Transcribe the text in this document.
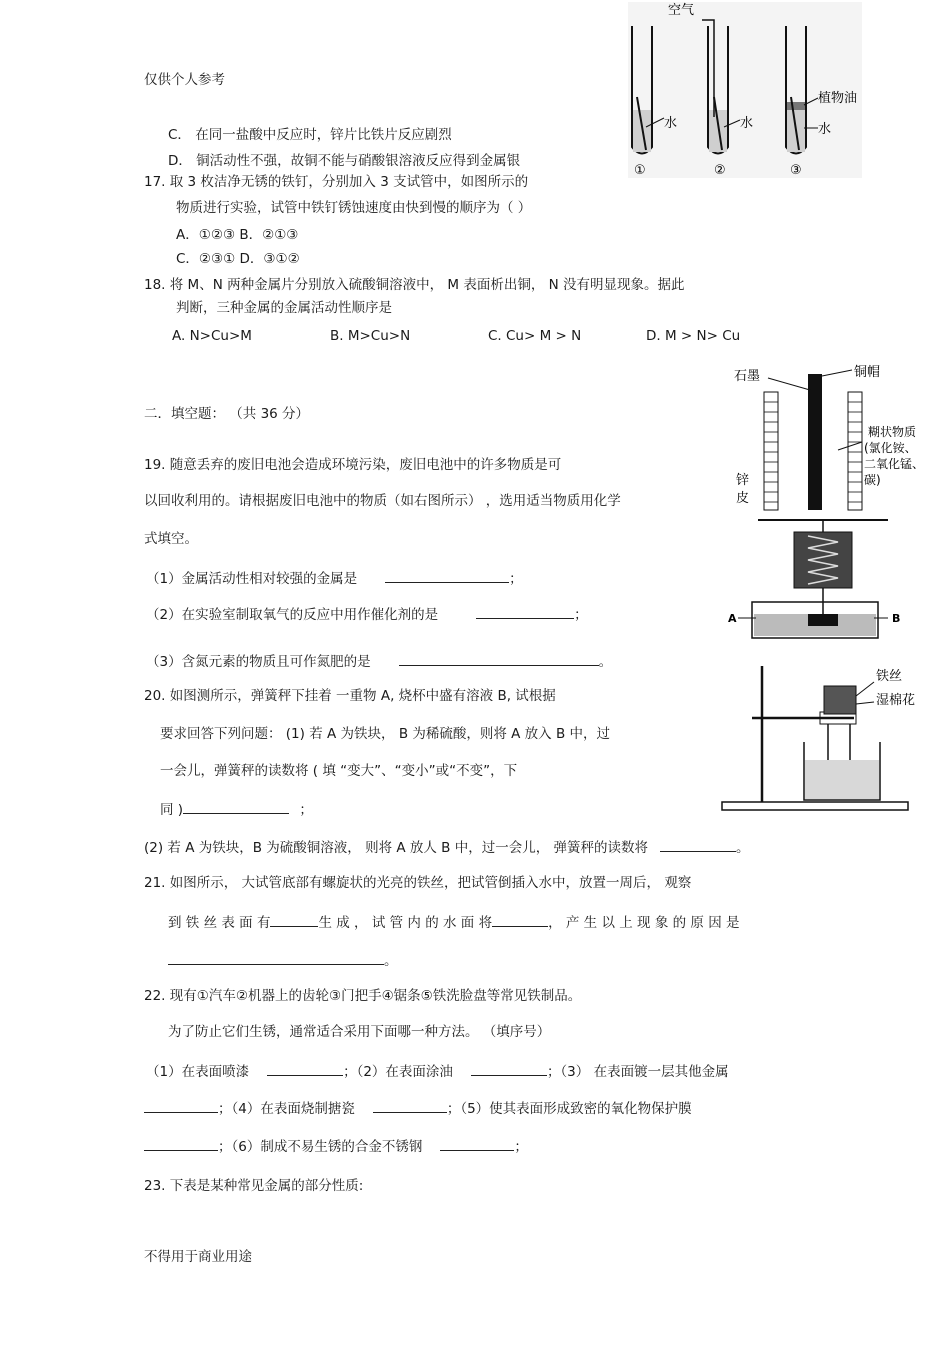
仅供个人参考
不得用于商业用途
空气
水	水
植物油
水
①	②	③
C． 在同一盐酸中反应时，锌片比铁片反应剧烈
D． 铜活动性不强，故铜不能与硝酸银溶液反应得到金属银
17. 取 3 枚洁净无锈的铁钉，分别加入 3 支试管中，如图所示的
物质进行实验，试管中铁钉锈蚀速度由快到慢的顺序为（ ）
A．①②③ B．②①③
C．②③① D．③①②
18. 将 M、N 两种金属片分别放入硫酸铜溶液中， M 表面析出铜， N 没有明显现象。据此
判断，三种金属的金属活动性顺序是
A. N>Cu>M	B. M>Cu>N	C. Cu> M > N	D. M > N> Cu
石墨	铜帽
糊状物质
(氯化铵、
二氧化锰、
碳)
锌
皮
A	B
铁丝
湿棉花
二．填空题： （共 36 分）
19. 随意丢弃的废旧电池会造成环境污染，废旧电池中的许多物质是可
以回收利用的。请根据废旧电池中的物质（如右图所示） ，选用适当物质用化学
式填空。
（1）金属活动性相对较强的金属是	；
（2）在实验室制取氧气的反应中用作催化剂的是	；
（3）含氮元素的物质且可作氮肥的是	。
20. 如图测所示，弹簧秤下挂着 一重物 A, 烧杯中盛有溶液 B, 试根据
要求回答下列问题： (1) 若 A 为铁块， B 为稀硫酸，则将 A 放入 B 中，过
一会儿，弹簧秤的读数将 ( 填 “变大”、“变小”或“不变”，下
同 )	；
(2) 若 A 为铁块，B 为硫酸铜溶液， 则将 A 放人 B 中，过一会儿， 弹簧秤的读数将	。
21. 如图所示， 大试管底部有螺旋状的光亮的铁丝，把试管倒插入水中，放置一周后， 观察
到 铁 丝 表 面 有	生 成 ， 试 管 内 的 水 面 将	， 产 生 以 上 现 象 的 原 因 是
。
22. 现有①汽车②机器上的齿轮③门把手④锯条⑤铁洗脸盘等常见铁制品。
为了防止它们生锈，通常适合采用下面哪一种方法。 （填序号）
（1）在表面喷漆	；（2）在表面涂油	；（3） 在表面镀一层其他金属
；（4）在表面烧制搪瓷	；（5）使其表面形成致密的氧化物保护膜
；（6）制成不易生锈的合金不锈钢	；
23. 下表是某种常见金属的部分性质:
